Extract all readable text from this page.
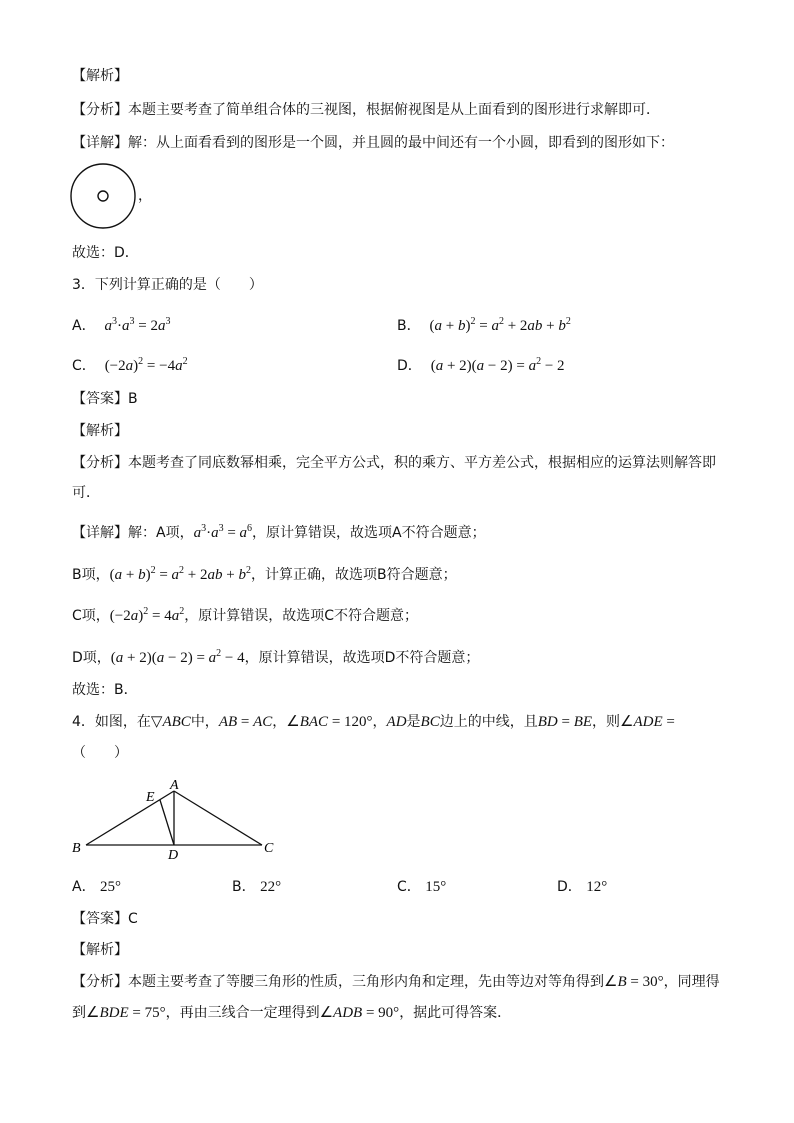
【解析】
【分析】本题主要考查了简单组合体的三视图，根据俯视图是从上面看到的图形进行求解即可．
【详解】解：从上面看看到的图形是一个圆，并且圆的最中间还有一个小圆，即看到的图形如下：
，
故选：D．
3．下列计算正确的是（　　）
A． $a^3\cdot a^3 = 2a^3$	B． $(a + b)^2 = a^2 + 2ab + b^2$
C． $(-2a)^2 = -4a^2$	D． $(a + 2)(a - 2) = a^2 - 2$
【答案】B
【解析】
【分析】本题考查了同底数幂相乘，完全平方公式，积的乘方、平方差公式，根据相应的运算法则解答即
可．
【详解】解：A项，$a^3\cdot a^3 = a^6$，原计算错误，故选项A不符合题意；
B项，$(a + b)^2 = a^2 + 2ab + b^2$，计算正确，故选项B符合题意；
C项，$(-2a)^2 = 4a^2$，原计算错误，故选项C不符合题意；
D项，$(a + 2)(a - 2) = a^2 - 4$，原计算错误，故选项D不符合题意；
故选：B．
4．如图，在▽ABC中，AB = AC，∠BAC = 120°，AD是BC边上的中线，且BD = BE，则∠ADE =
（　　）
A
E
B	D	C
A． 25°	B． 22°	C． 15°	D． 12°
【答案】C
【解析】
【分析】本题主要考查了等腰三角形的性质，三角形内角和定理，先由等边对等角得到∠B = 30°，同理得
到∠BDE = 75°，再由三线合一定理得到∠ADB = 90°，据此可得答案．
